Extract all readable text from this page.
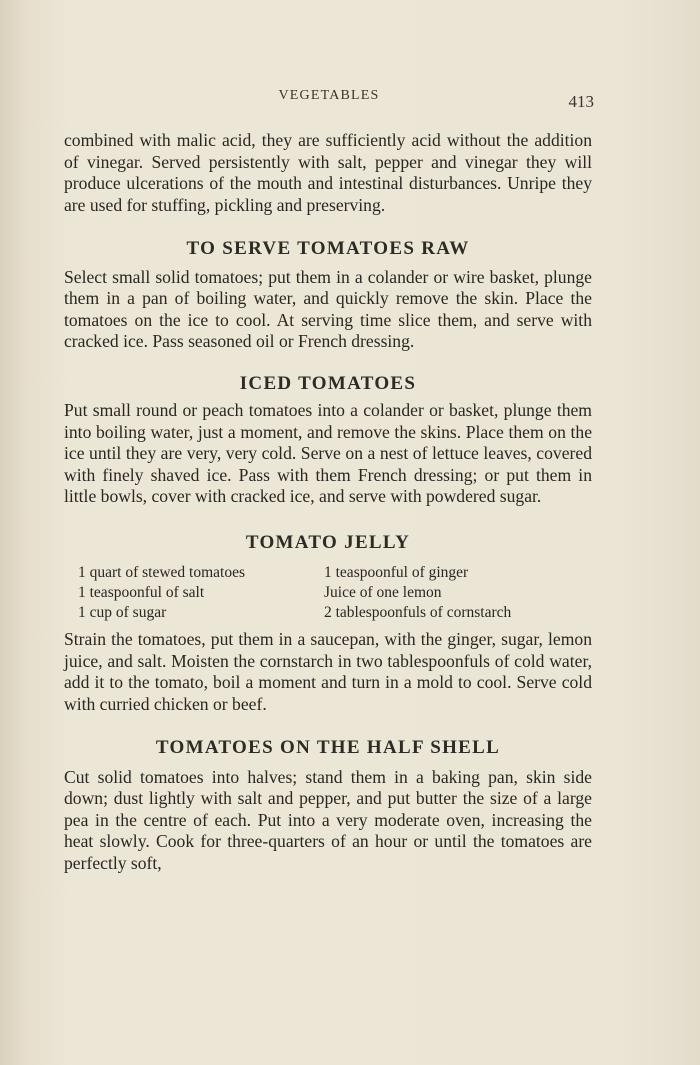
VEGETABLES	413

combined with malic acid, they are sufficiently acid without the addition of vinegar. Served persistently with salt, pepper and vinegar they will produce ulcerations of the mouth and intestinal disturbances. Unripe they are used for stuffing, pickling and preserving.

TO SERVE TOMATOES RAW

Select small solid tomatoes; put them in a colander or wire basket, plunge them in a pan of boiling water, and quickly remove the skin. Place the tomatoes on the ice to cool. At serving time slice them, and serve with cracked ice. Pass seasoned oil or French dressing.

ICED TOMATOES

Put small round or peach tomatoes into a colander or basket, plunge them into boiling water, just a moment, and remove the skins. Place them on the ice until they are very, very cold. Serve on a nest of lettuce leaves, covered with finely shaved ice. Pass with them French dressing; or put them in little bowls, cover with cracked ice, and serve with powdered sugar.

TOMATO JELLY
1 quart of stewed tomatoes	1 teaspoonful of ginger
1 teaspoonful of salt	Juice of one lemon
1 cup of sugar	2 tablespoonfuls of cornstarch

Strain the tomatoes, put them in a saucepan, with the ginger, sugar, lemon juice, and salt. Moisten the cornstarch in two tablespoonfuls of cold water, add it to the tomato, boil a moment and turn in a mold to cool. Serve cold with curried chicken or beef.

TOMATOES ON THE HALF SHELL

Cut solid tomatoes into halves; stand them in a baking pan, skin side down; dust lightly with salt and pepper, and put butter the size of a large pea in the centre of each. Put into a very moderate oven, increasing the heat slowly. Cook for three-quarters of an hour or until the tomatoes are perfectly soft,
